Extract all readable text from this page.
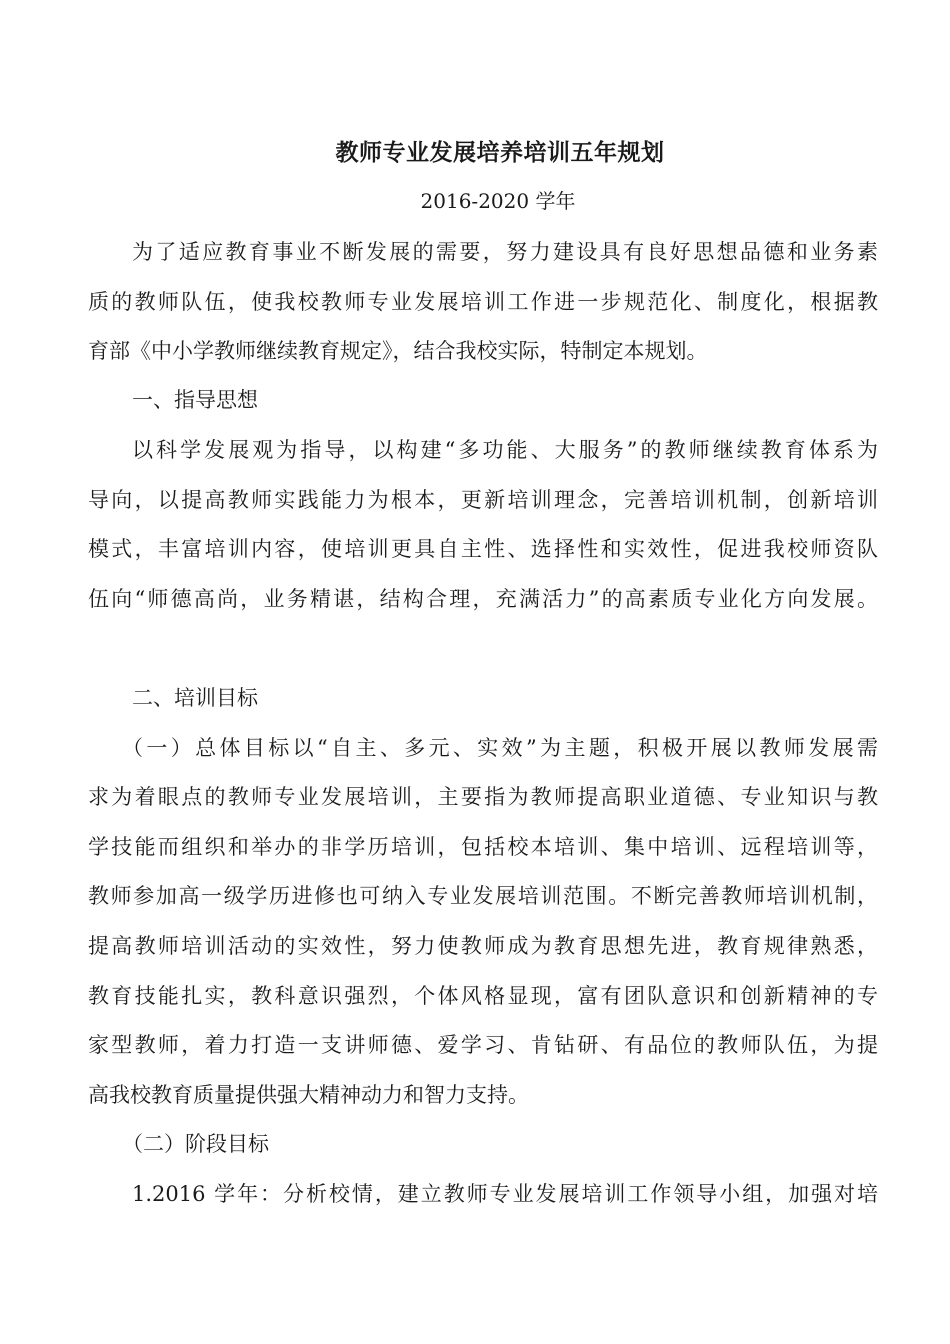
教师专业发展培养培训五年规划
2016-2020 学年
为了适应教育事业不断发展的需要，努力建设具有良好思想品德和业务素
质的教师队伍，使我校教师专业发展培训工作进一步规范化、制度化，根据教
育部《中小学教师继续教育规定》，结合我校实际，特制定本规划。
一、指导思想
以科学发展观为指导，以构建“多功能、大服务”的教师继续教育体系为
导向，以提高教师实践能力为根本，更新培训理念，完善培训机制，创新培训
模式，丰富培训内容，使培训更具自主性、选择性和实效性，促进我校师资队
伍向“师德高尚，业务精谌，结构合理，充满活力”的高素质专业化方向发展。
二、培训目标
（一）总体目标以“自主、多元、实效”为主题，积极开展以教师发展需
求为着眼点的教师专业发展培训，主要指为教师提高职业道德、专业知识与教
学技能而组织和举办的非学历培训，包括校本培训、集中培训、远程培训等，
教师参加高一级学历进修也可纳入专业发展培训范围。不断完善教师培训机制，
提高教师培训活动的实效性，努力使教师成为教育思想先进，教育规律熟悉，
教育技能扎实，教科意识强烈，个体风格显现，富有团队意识和创新精神的专
家型教师，着力打造一支讲师德、爱学习、肯钻研、有品位的教师队伍，为提
高我校教育质量提供强大精神动力和智力支持。
（二）阶段目标
1.2016 学年：分析校情，建立教师专业发展培训工作领导小组，加强对培
